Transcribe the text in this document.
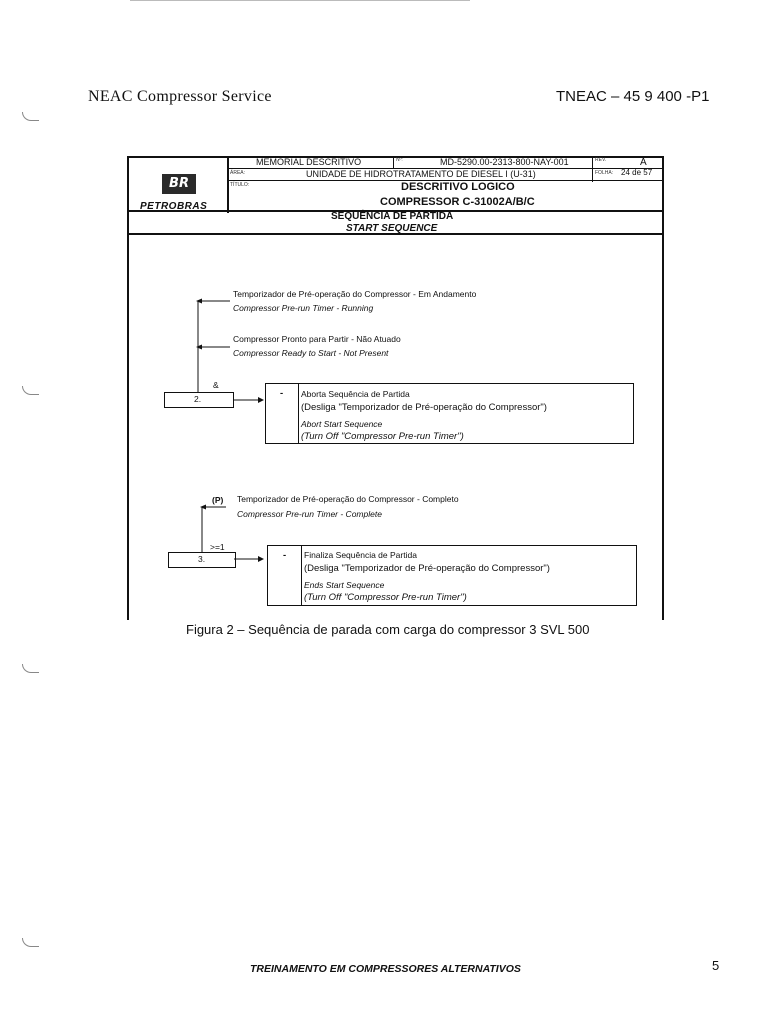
NEAC Compressor Service	TNEAC – 45 9 400 -P1
BR
PETROBRAS
MEMORIAL DESCRITIVO	Nº:	MD-5290.00-2313-800-NAY-001	REV.	A
ÁREA:	UNIDADE DE HIDROTRATAMENTO DE DIESEL I (U-31)	FOLHA: 24 de 57
TÍTULO:	DESCRITIVO LOGICO
COMPRESSOR C-31002A/B/C
SEQUÊNCIA DE PARTIDA
START SEQUENCE
Temporizador de Pré-operação do Compressor - Em Andamento
Compressor Pre-run Timer - Running
Compressor Pronto para Partir - Não Atuado
Compressor Ready to Start - Not Present
&
2.	- Aborta Sequência de Partida
(Desliga "Temporizador de Pré-operação do Compressor")
Abort Start Sequence
(Turn Off "Compressor Pre-run Timer")
(P) Temporizador de Pré-operação do Compressor - Completo
Compressor Pre-run Timer - Complete
>=1
3.	- Finaliza Sequência de Partida
(Desliga "Temporizador de Pré-operação do Compressor")
Ends Start Sequence
(Turn Off "Compressor Pre-run Timer")
Figura 2 – Sequência de parada com carga do compressor 3 SVL 500
TREINAMENTO EM COMPRESSORES ALTERNATIVOS	5
